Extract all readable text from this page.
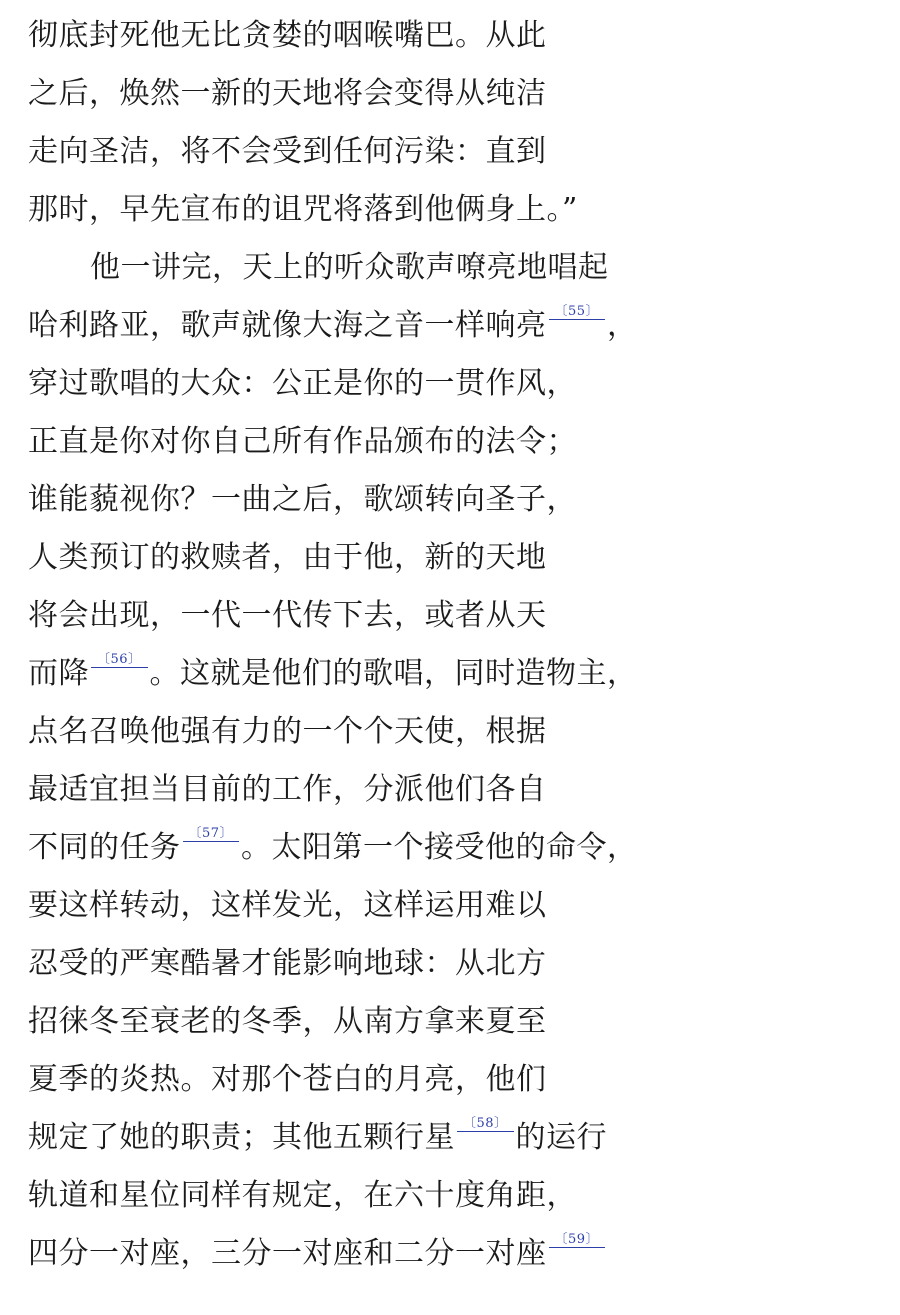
彻底封死他无比贪婪的咽喉嘴巴。从此
之后，焕然一新的天地将会变得从纯洁
走向圣洁，将不会受到任何污染：直到
那时，早先宣布的诅咒将落到他俩身上。”
他一讲完，天上的听众歌声嘹亮地唱起
哈利路亚，歌声就像大海之音一样响亮 〔55〕 ，
穿过歌唱的大众：公正是你的一贯作风，
正直是你对你自己所有作品颁布的法令；
谁能藐视你？一曲之后，歌颂转向圣子，
人类预订的救赎者，由于他，新的天地
将会出现，一代一代传下去，或者从天
而降 〔56〕 。这就是他们的歌唱，同时造物主，
点名召唤他强有力的一个个天使，根据
最适宜担当目前的工作，分派他们各自
不同的任务 〔57〕 。太阳第一个接受他的命令，
要这样转动，这样发光，这样运用难以
忍受的严寒酷暑才能影响地球：从北方
招徕冬至衰老的冬季，从南方拿来夏至
夏季的炎热。对那个苍白的月亮，他们
规定了她的职责；其他五颗行星 〔58〕 的运行
轨道和星位同样有规定，在六十度角距，
四分一对座，三分一对座和二分一对座 〔59〕
